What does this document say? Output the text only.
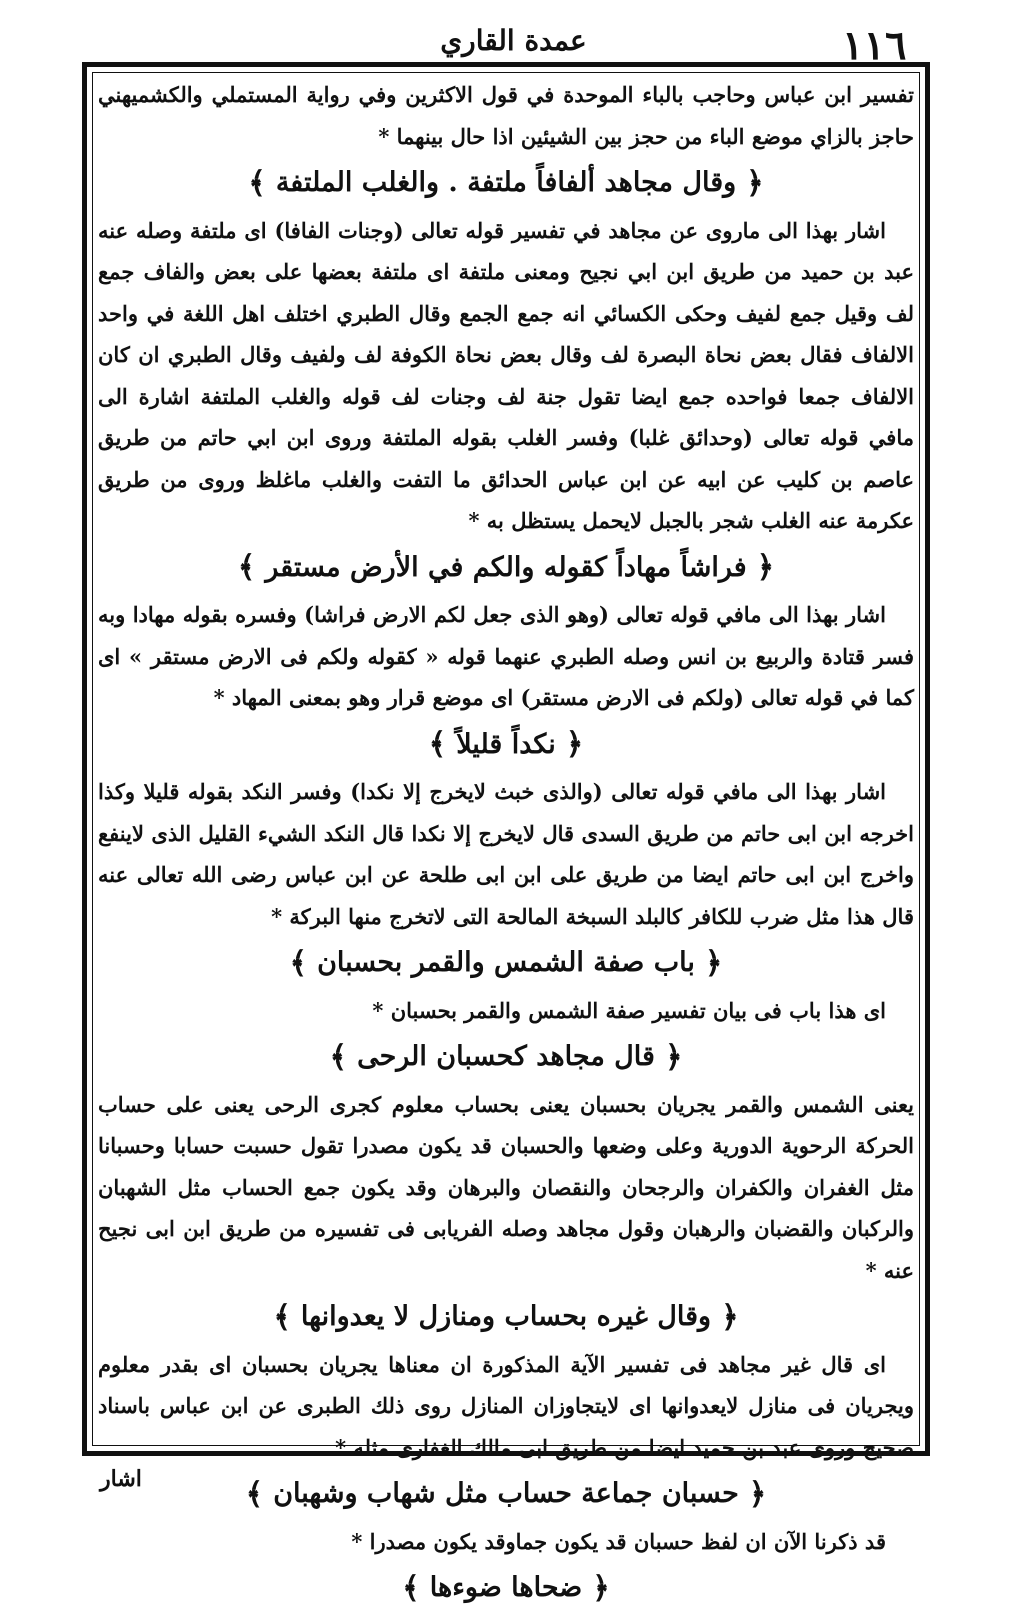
١١٦
عمدة القاري

تفسير ابن عباس وحاجب بالباء الموحدة في قول الاكثرين وفي رواية المستملي والكشميهني حاجز بالزاي موضع الباء من حجز بين الشيئين اذا حال بينهما *

﴿وقال مجاهد ألفافاً ملتفة . والغلب الملتفة﴾

اشار بهذا الى ماروى عن مجاهد في تفسير قوله تعالى (وجنات الفافا) اى ملتفة وصله عنه عبد بن حميد من طريق ابن ابي نجيح ومعنى ملتفة اى ملتفة بعضها على بعض والفاف جمع لف وقيل جمع لفيف وحكى الكسائي انه جمع الجمع وقال الطبري اختلف اهل اللغة في واحد الالفاف فقال بعض نحاة البصرة لف وقال بعض نحاة الكوفة لف ولفيف وقال الطبري ان كان الالفاف جمعا فواحده جمع ايضا تقول جنة لف وجنات لف قوله والغلب الملتفة اشارة الى مافي قوله تعالى (وحدائق غلبا) وفسر الغلب بقوله الملتفة وروى ابن ابي حاتم من طريق عاصم بن كليب عن ابيه عن ابن عباس الحدائق ما التفت والغلب ماغلظ وروى من طريق عكرمة عنه الغلب شجر بالجبل لايحمل يستظل به *

﴿فراشاً مهاداً كقوله والكم في الأرض مستقر﴾

اشار بهذا الى مافي قوله تعالى (وهو الذى جعل لكم الارض فراشا) وفسره بقوله مهادا وبه فسر قتادة والربيع بن انس وصله الطبري عنهما قوله « كقوله ولكم فى الارض مستقر » اى كما في قوله تعالى (ولكم فى الارض مستقر) اى موضع قرار وهو بمعنى المهاد *

﴿نكداً قليلاً﴾

اشار بهذا الى مافي قوله تعالى (والذى خبث لايخرج إلا نكدا) وفسر النكد بقوله قليلا وكذا اخرجه ابن ابى حاتم من طريق السدى قال لايخرج إلا نكدا قال النكد الشيء القليل الذى لاينفع واخرج ابن ابى حاتم ايضا من طريق على ابن ابى طلحة عن ابن عباس رضى الله تعالى عنه قال هذا مثل ضرب للكافر كالبلد السبخة المالحة التى لاتخرج منها البركة *

﴿باب صفة الشمس والقمر بحسبان﴾

اى هذا باب فى بيان تفسير صفة الشمس والقمر بحسبان *

﴿قال مجاهد كحسبان الرحى﴾

يعنى الشمس والقمر يجريان بحسبان يعنى بحساب معلوم كجرى الرحى يعنى على حساب الحركة الرحوية الدورية وعلى وضعها والحسبان قد يكون مصدرا تقول حسبت حسابا وحسبانا مثل الغفران والكفران والرجحان والنقصان والبرهان وقد يكون جمع الحساب مثل الشهبان والركبان والقضبان والرهبان وقول مجاهد وصله الفريابى فى تفسيره من طريق ابن ابى نجيح عنه *

﴿وقال غيره بحساب ومنازل لا يعدوانها﴾

اى قال غير مجاهد فى تفسير الآية المذكورة ان معناها يجريان بحسبان اى بقدر معلوم ويجريان فى منازل لايعدوانها اى لايتجاوزان المنازل روى ذلك الطبرى عن ابن عباس باسناد صحيح وروى عبد بن حميد ايضا من طريق ابى مالك الغفارى مثله *

﴿حسبان جماعة حساب مثل شهاب وشهبان﴾

قد ذكرنا الآن ان لفظ حسبان قد يكون جماوقد يكون مصدرا *

﴿ضحاها ضوءها﴾
اشار
